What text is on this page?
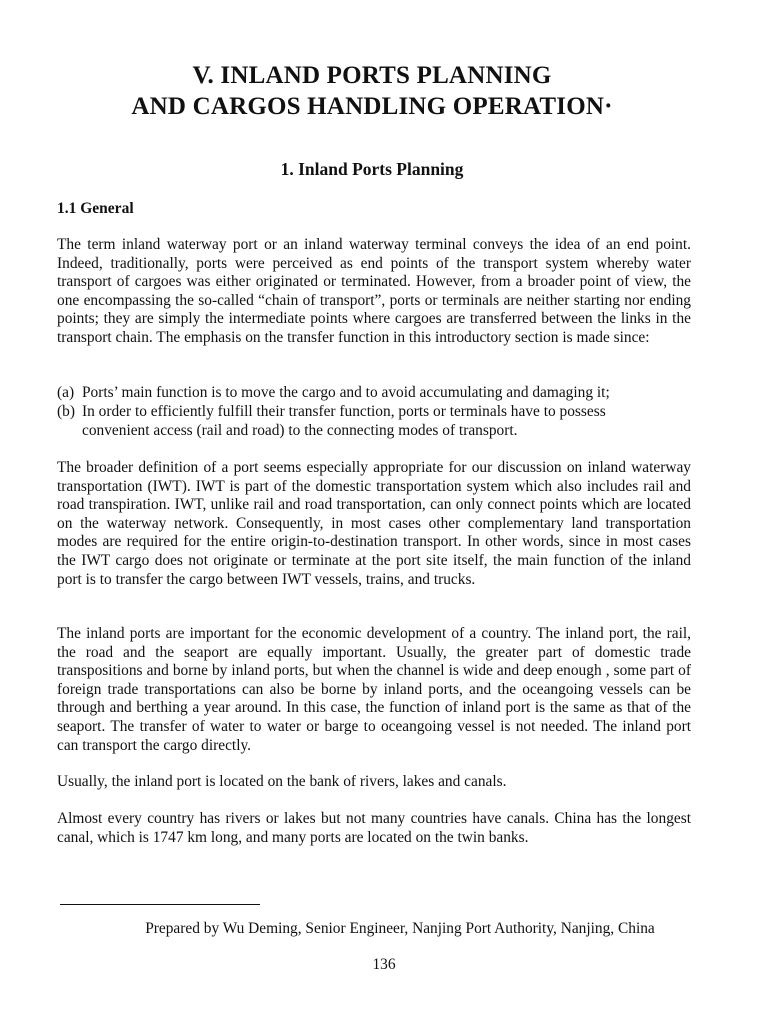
V. INLAND PORTS PLANNING
AND CARGOS HANDLING OPERATION·
1. Inland Ports Planning
1.1 General

The term inland waterway port or an inland waterway terminal conveys the idea of an end point. Indeed, traditionally, ports were perceived as end points of the transport system whereby water transport of cargoes was either originated or terminated. However, from a broader point of view, the one encompassing the so-called “chain of transport”, ports or terminals are neither starting nor ending points; they are simply the intermediate points where cargoes are transferred between the links in the transport chain. The emphasis on the transfer function in this introductory section is made since:

(a) Ports’ main function is to move the cargo and to avoid accumulating and damaging it;
(b) In order to efficiently fulfill their transfer function, ports or terminals have to possess
convenient access (rail and road) to the connecting modes of transport.

The broader definition of a port seems especially appropriate for our discussion on inland waterway transportation (IWT). IWT is part of the domestic transportation system which also includes rail and road transpiration. IWT, unlike rail and road transportation, can only connect points which are located on the waterway network. Consequently, in most cases other complementary land transportation modes are required for the entire origin-to-destination transport. In other words, since in most cases the IWT cargo does not originate or terminate at the port site itself, the main function of the inland port is to transfer the cargo between IWT vessels, trains, and trucks.

The inland ports are important for the economic development of a country. The inland port, the rail, the road and the seaport are equally important. Usually, the greater part of domestic trade transpositions and borne by inland ports, but when the channel is wide and deep enough , some part of foreign trade transportations can also be borne by inland ports, and the oceangoing vessels can be through and berthing a year around. In this case, the function of inland port is the same as that of the seaport. The transfer of water to water or barge to oceangoing vessel is not needed. The inland port can transport the cargo directly.

Usually, the inland port is located on the bank of rivers, lakes and canals.

Almost every country has rivers or lakes but not many countries have canals. China has the longest canal, which is 1747 km long, and many ports are located on the twin banks.

Prepared by Wu Deming, Senior Engineer, Nanjing Port Authority, Nanjing, China

136
